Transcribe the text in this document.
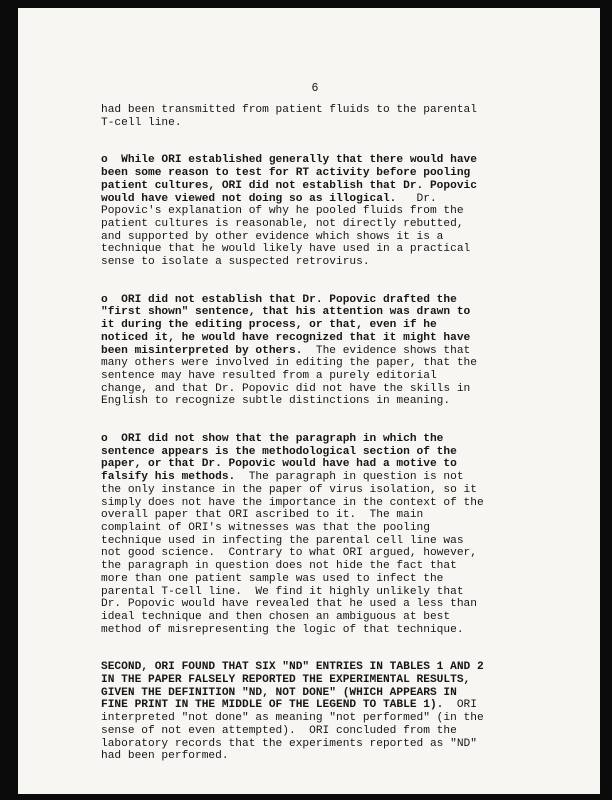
6

had been transmitted from patient fluids to the parental

T-cell line.

o  While ORI established generally that there would have

been some reason to test for RT activity before pooling

patient cultures, ORI did not establish that Dr. Popovic

would have viewed not doing so as illogical.   Dr.

Popovic's explanation of why he pooled fluids from the

patient cultures is reasonable, not directly rebutted,

and supported by other evidence which shows it is a

technique that he would likely have used in a practical

sense to isolate a suspected retrovirus.

o  ORI did not establish that Dr. Popovic drafted the

"first shown" sentence, that his attention was drawn to

it during the editing process, or that, even if he

noticed it, he would have recognized that it might have

been misinterpreted by others.  The evidence shows that

many others were involved in editing the paper, that the

sentence may have resulted from a purely editorial

change, and that Dr. Popovic did not have the skills in

English to recognize subtle distinctions in meaning.

o  ORI did not show that the paragraph in which the

sentence appears is the methodological section of the

paper, or that Dr. Popovic would have had a motive to

falsify his methods.  The paragraph in question is not

the only instance in the paper of virus isolation, so it

simply does not have the importance in the context of the

overall paper that ORI ascribed to it.  The main

complaint of ORI's witnesses was that the pooling

technique used in infecting the parental cell line was

not good science.  Contrary to what ORI argued, however,

the paragraph in question does not hide the fact that

more than one patient sample was used to infect the

parental T-cell line.  We find it highly unlikely that

Dr. Popovic would have revealed that he used a less than

ideal technique and then chosen an ambiguous at best

method of misrepresenting the logic of that technique.

SECOND, ORI FOUND THAT SIX "ND" ENTRIES IN TABLES 1 AND 2

IN THE PAPER FALSELY REPORTED THE EXPERIMENTAL RESULTS,

GIVEN THE DEFINITION "ND, NOT DONE" (WHICH APPEARS IN

FINE PRINT IN THE MIDDLE OF THE LEGEND TO TABLE 1).  ORI

interpreted "not done" as meaning "not performed" (in the

sense of not even attempted).  ORI concluded from the

laboratory records that the experiments reported as "ND"

had been performed.
